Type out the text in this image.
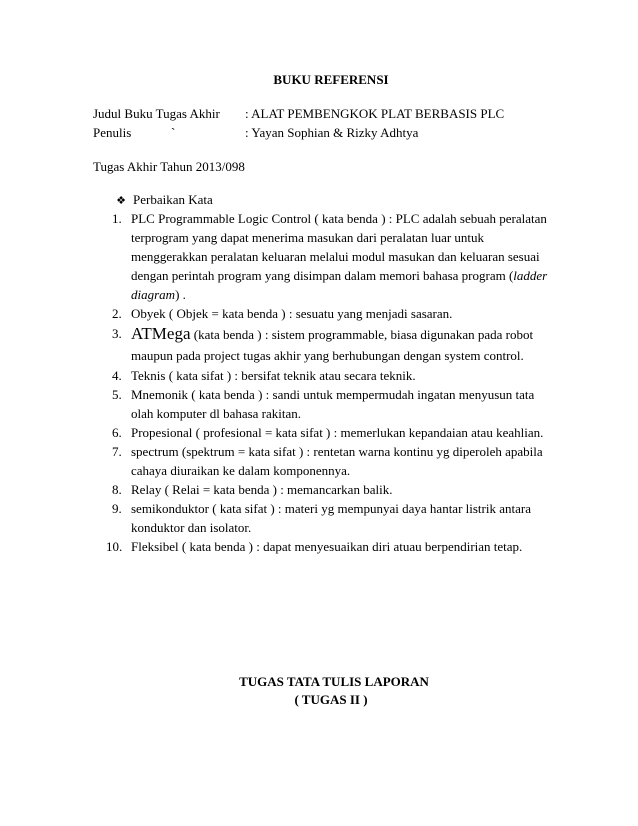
BUKU REFERENSI
Judul Buku Tugas Akhir : ALAT PEMBENGKOK PLAT BERBASIS PLC
Penulis	: Yayan Sophian & Rizky Adhtya
`
Tugas Akhir Tahun 2013/098
❖ Perbaikan Kata
1. PLC Programmable Logic Control ( kata benda ) : PLC adalah sebuah peralatan terprogram yang dapat menerima masukan dari peralatan luar untuk menggerakkan peralatan keluaran melalui modul masukan dan keluaran sesuai dengan perintah program yang disimpan dalam memori bahasa program (ladder diagram) .
2. Obyek ( Objek = kata benda ) : sesuatu yang menjadi sasaran.
3. ATMega (kata benda ) : sistem programmable, biasa digunakan pada robot maupun pada project tugas akhir yang berhubungan dengan system control.
4. Teknis ( kata sifat ) : bersifat teknik atau secara teknik.
5. Mnemonik ( kata benda ) : sandi untuk mempermudah ingatan menyusun tata olah komputer dl bahasa rakitan.
6. Propesional ( profesional = kata sifat ) : memerlukan kepandaian atau keahlian.
7. spectrum (spektrum = kata sifat ) : rentetan warna kontinu yg diperoleh apabila cahaya diuraikan ke dalam komponennya.
8. Relay ( Relai = kata benda ) : memancarkan balik.
9. semikonduktor ( kata sifat ) : materi yg mempunyai daya hantar listrik antara konduktor dan isolator.
10. Fleksibel ( kata benda ) : dapat menyesuaikan diri atuau berpendirian tetap.
TUGAS TATA TULIS LAPORAN
( TUGAS II )
